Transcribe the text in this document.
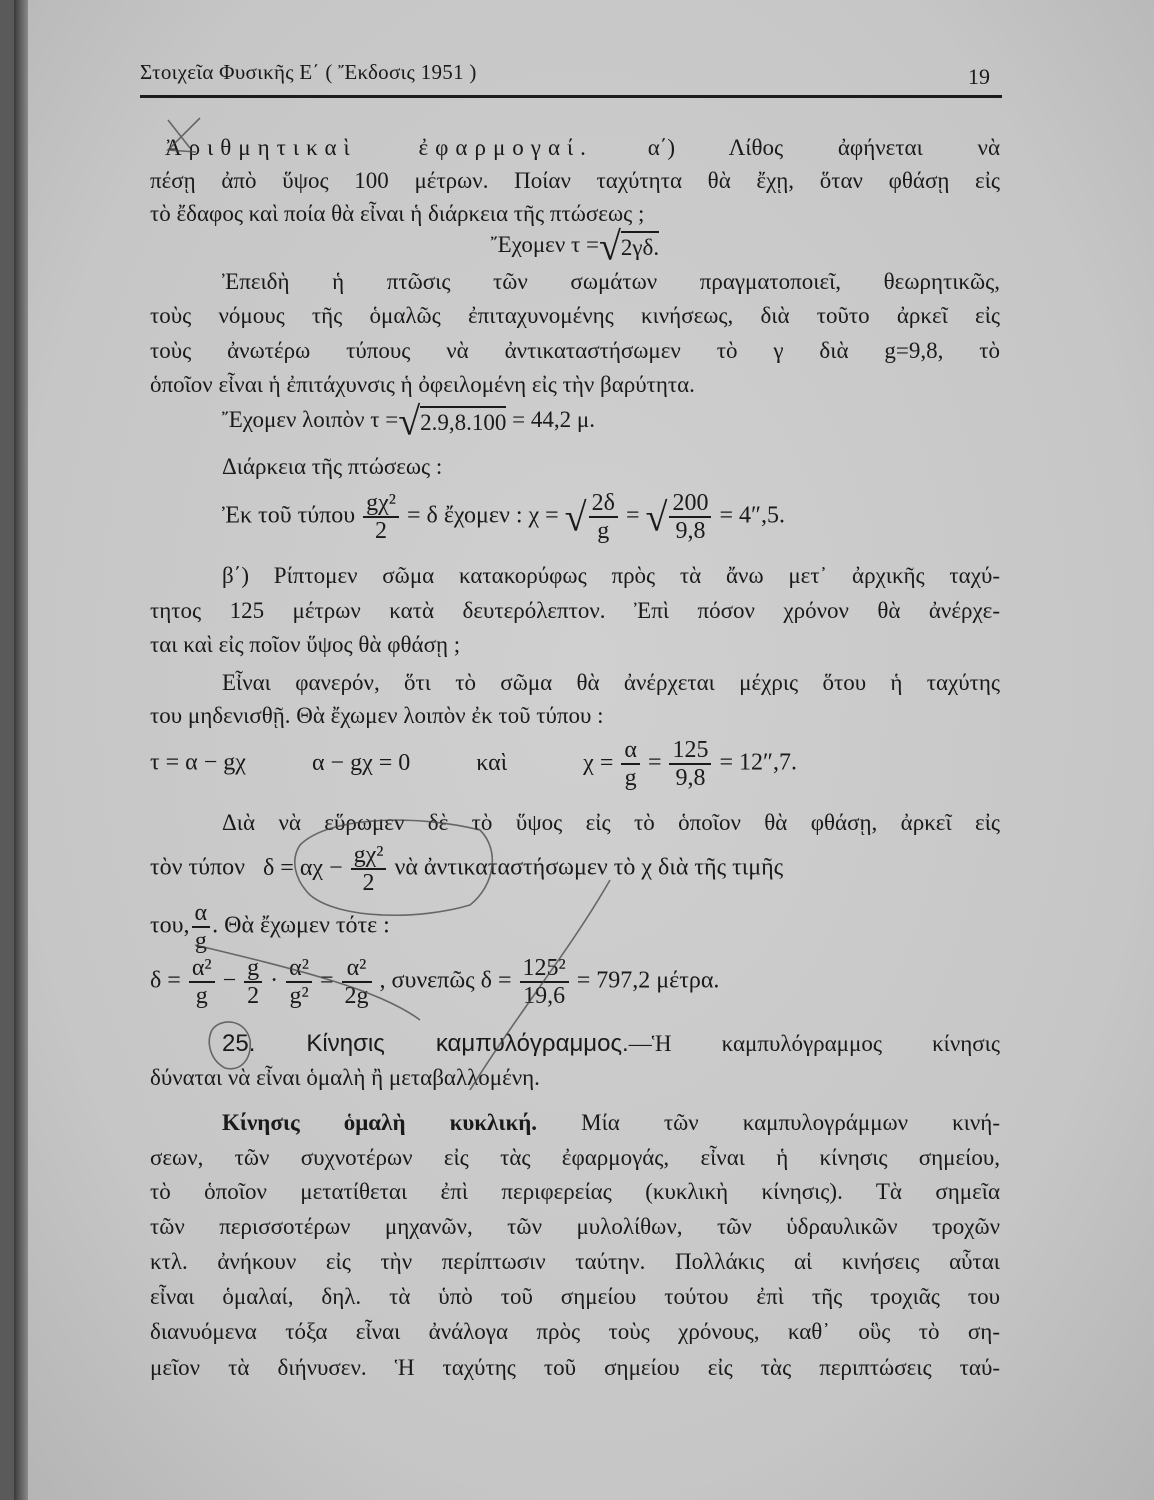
Στοιχεῖα Φυσικῆς Ε΄ ( Ἔκδοσις 1951 )	19
Ἀριθμητικαὶ ἐφαρμογαί. α΄) Λίθος ἀφήνεται νὰ
πέσῃ ἀπὸ ὕψος 100 μέτρων. Ποίαν ταχύτητα θὰ ἔχῃ, ὅταν φθάσῃ εἰς
τὸ ἔδαφος καὶ ποία θὰ εἶναι ἡ διάρκεια τῆς πτώσεως ;
Ἔχομεν τ =√2γδ.
Ἐπειδὴ ἡ πτῶσις τῶν σωμάτων πραγματοποιεῖ, θεωρητικῶς,
τοὺς νόμους τῆς ὁμαλῶς ἐπιταχυνομένης κινήσεως, διὰ τοῦτο ἀρκεῖ εἰς
τοὺς ἀνωτέρω τύπους νὰ ἀντικαταστήσωμεν τὸ γ διὰ g=9,8, τὸ
ὁποῖον εἶναι ἡ ἐπιτάχυνσις ἡ ὀφειλομένη εἰς τὴν βαρύτητα.
Ἔχομεν λοιπὸν τ =√2.9,8.100 = 44,2 μ.
Διάρκεια τῆς πτώσεως :
Ἐκ τοῦ τύπου $\frac{\text{gχ²}}{2} = \delta$ ἔχομεν : χ = √ $\frac{2\delta}{g}$ = √ $\frac{200}{9,8} = 4'',5$.
β΄) Ρίπτομεν σῶμα κατακορύφως πρὸς τὰ ἄνω μετ᾽ ἀρχικῆς ταχύ-
τητος 125 μέτρων κατὰ δευτερόλεπτον. Ἐπὶ πόσον χρόνον θὰ ἀνέρχε-
ται καὶ εἰς ποῖον ὕψος θὰ φθάσῃ ;
Εἶναι φανερόν, ὅτι τὸ σῶμα θὰ ἀνέρχεται μέχρις ὅτου ἡ ταχύτης
του μηδενισθῇ. Θὰ ἔχωμεν λοιπὸν ἐκ τοῦ τύπου :
τ = α − gχ	α − gχ = 0	καὶ	$\chi = \frac{\alpha}{g} = \frac{125}{9,8} = 12'',7$.
Διὰ νὰ εὕρωμεν δὲ τὸ ὕψος εἰς τὸ ὁποῖον θὰ φθάσῃ, ἀρκεῖ εἰς
τὸν τύπον $\delta = \alpha\chi - \frac{\text{gχ²}}{2}$ νὰ ἀντικαταστήσωμεν τὸ χ διὰ τῆς τιμῆς
του, $\frac{\alpha}{g}$ . Θὰ ἔχωμεν τότε :
$\delta = \frac{\text{α²}}{g} - \frac{g}{2} \cdot \frac{\text{α²}}{\text{g²}} = \frac{\text{α²}}{2g}$ , συνεπῶς $\delta = \frac{\text{125²}}{19,6} = 797,2$ μέτρα.
25. Κίνησις καμπυλόγραμμος.—Ἡ καμπυλόγραμμος κίνησις
δύναται νὰ εἶναι ὁμαλὴ ἢ μεταβαλλομένη.
Κίνησις ὁμαλὴ κυκλική. Μία τῶν καμπυλογράμμων κινή-
σεων, τῶν συχνοτέρων εἰς τὰς ἐφαρμογάς, εἶναι ἡ κίνησις σημείου,
τὸ ὁποῖον μετατίθεται ἐπὶ περιφερείας (κυκλικὴ κίνησις). Τὰ σημεῖα
τῶν περισσοτέρων μηχανῶν, τῶν μυλολίθων, τῶν ὑδραυλικῶν τροχῶν
κτλ. ἀνήκουν εἰς τὴν περίπτωσιν ταύτην. Πολλάκις αἱ κινήσεις αὗται
εἶναι ὁμαλαί, δηλ. τὰ ὑπὸ τοῦ σημείου τούτου ἐπὶ τῆς τροχιᾶς του
διανυόμενα τόξα εἶναι ἀνάλογα πρὸς τοὺς χρόνους, καθ᾽ οὓς τὸ ση-
μεῖον τὰ διήνυσεν. Ἡ ταχύτης τοῦ σημείου εἰς τὰς περιπτώσεις ταύ-
